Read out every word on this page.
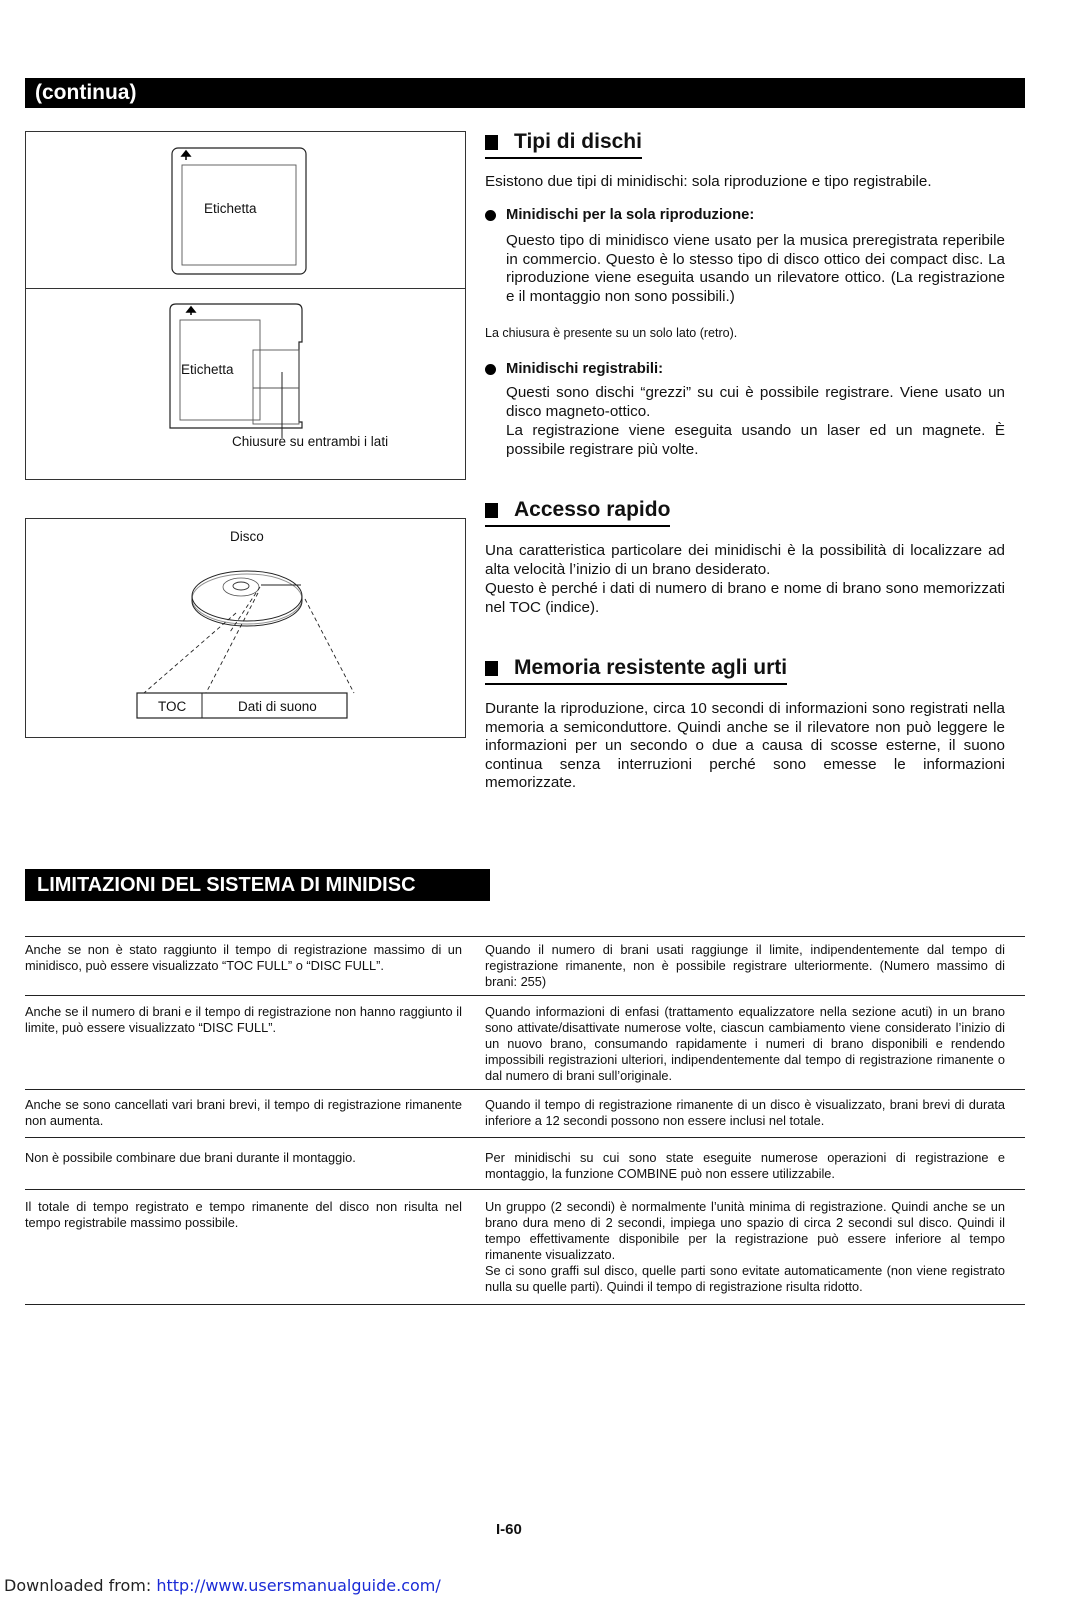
(continua)
Etichetta
Etichetta
Chiusure su entrambi i lati
Disco
TOC	Dati di suono
Tipi di dischi
Esistono due tipi di minidischi: sola riproduzione e tipo registrabile.
Minidischi per la sola riproduzione:
Questo tipo di minidisco viene usato per la musica preregistrata reperibile in commercio. Questo è lo stesso tipo di disco ottico dei compact disc. La riproduzione viene eseguita usando un rilevatore ottico. (La registrazione e il montaggio non sono possibili.)
La chiusura è presente su un solo lato (retro).
Minidischi registrabili:
Questi sono dischi “grezzi” su cui è possibile registrare. Viene usato un disco magneto-ottico.
La registrazione viene eseguita usando un laser ed un magnete. È possibile registrare più volte.
Accesso rapido
Una caratteristica particolare dei minidischi è la possibilità di localizzare ad alta velocità l’inizio di un brano desiderato.
Questo è perché i dati di numero di brano e nome di brano sono memorizzati nel TOC (indice).
Memoria resistente agli urti
Durante la riproduzione, circa 10 secondi di informazioni sono registrati nella memoria a semiconduttore. Quindi anche se il rilevatore non può leggere le informazioni per un secondo o due a causa di scosse esterne, il suono continua senza interruzioni perché sono emesse le informazioni memorizzate.
LIMITAZIONI DEL SISTEMA DI MINIDISC
Anche se non è stato raggiunto il tempo di registrazione massimo di un minidisco, può essere visualizzato “TOC FULL” o “DISC FULL”.
Quando il numero di brani usati raggiunge il limite, indipendentemente dal tempo di registrazione rimanente, non è possibile registrare ulteriormente. (Numero massimo di brani: 255)
Anche se il numero di brani e il tempo di registrazione non hanno raggiunto il limite, può essere visualizzato “DISC FULL”.
Quando informazioni di enfasi (trattamento equalizzatore nella sezione acuti) in un brano sono attivate/disattivate numerose volte, ciascun cambiamento viene considerato l’inizio di un nuovo brano, consumando rapidamente i numeri di brano disponibili e rendendo impossibili registrazioni ulteriori, indipendentemente dal tempo di registrazione rimanente o dal numero di brani sull’originale.
Anche se sono cancellati vari brani brevi, il tempo di registrazione rimanente non aumenta.
Quando il tempo di registrazione rimanente di un disco è visualizzato, brani brevi di durata inferiore a 12 secondi possono non essere inclusi nel totale.
Non è possibile combinare due brani durante il montaggio.	Per minidischi su cui sono state eseguite numerose operazioni di registrazione e montaggio, la funzione COMBINE può non essere utilizzabile.
Il totale di tempo registrato e tempo rimanente del disco non risulta nel tempo registrabile massimo possibile.
Un gruppo (2 secondi) è normalmente l’unità minima di registrazione. Quindi anche se un brano dura meno di 2 secondi, impiega uno spazio di circa 2 secondi sul disco. Quindi il tempo effettivamente disponibile per la registrazione può essere inferiore al tempo rimanente visualizzato.
Se ci sono graffi sul disco, quelle parti sono evitate automaticamente (non viene registrato nulla su quelle parti). Quindi il tempo di registrazione risulta ridotto.
I-60
Downloaded from: http://www.usersmanualguide.com/
